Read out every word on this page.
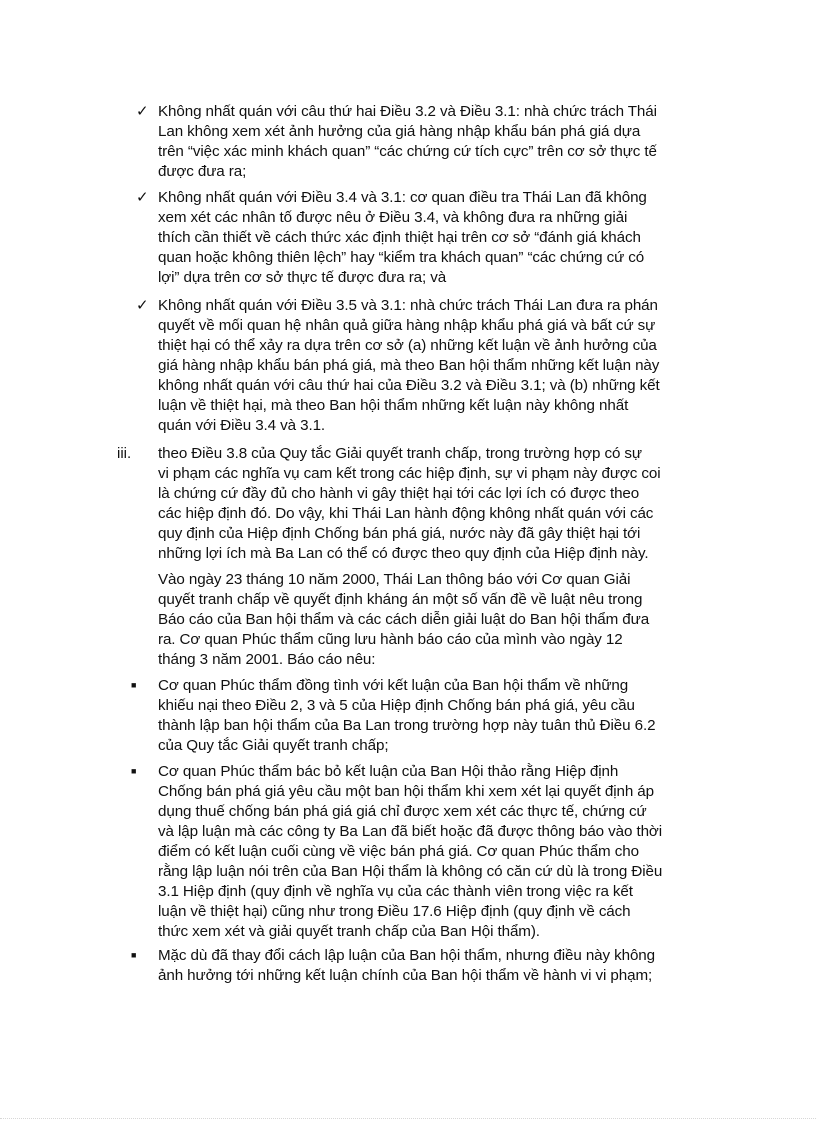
✓ Không nhất quán với câu thứ hai Điều 3.2 và Điều 3.1: nhà chức trách Thái
Lan không xem xét ảnh hưởng của giá hàng nhập khẩu bán phá giá dựa
trên “việc xác minh khách quan” “các chứng cứ tích cực” trên cơ sở thực tế
được đưa ra;
✓ Không nhất quán với Điều 3.4 và 3.1: cơ quan điều tra Thái Lan đã không
xem xét các nhân tố được nêu ở Điều 3.4, và không đưa ra những giải
thích cần thiết về cách thức xác định thiệt hại trên cơ sở “đánh giá khách
quan hoặc không thiên lệch” hay “kiểm tra khách quan” “các chứng cứ có
lợi” dựa trên cơ sở thực tế được đưa ra; và
✓ Không nhất quán với Điều 3.5 và 3.1: nhà chức trách Thái Lan đưa ra phán
quyết về mối quan hệ nhân quả giữa hàng nhập khẩu phá giá và bất cứ sự
thiệt hại có thể xảy ra dựa trên cơ sở (a) những kết luận về ảnh hưởng của
giá hàng nhập khẩu bán phá giá, mà theo Ban hội thẩm những kết luận này
không nhất quán với câu thứ hai của Điều 3.2 và Điều 3.1; và (b) những kết
luận về thiệt hại, mà theo Ban hội thẩm những kết luận này không nhất
quán với Điều 3.4 và 3.1.
iii. theo Điều 3.8 của Quy tắc Giải quyết tranh chấp, trong trường hợp có sự
vi phạm các nghĩa vụ cam kết trong các hiệp định, sự vi phạm này được coi
là chứng cứ đầy đủ cho hành vi gây thiệt hại tới các lợi ích có được theo
các hiệp định đó. Do vậy, khi Thái Lan hành động không nhất quán với các
quy định của Hiệp định Chống bán phá giá, nước này đã gây thiệt hại tới
những lợi ích mà Ba Lan có thể có được theo quy định của Hiệp định này.
Vào ngày 23 tháng 10 năm 2000, Thái Lan thông báo với Cơ quan Giải
quyết tranh chấp về quyết định kháng án một số vấn đề về luật nêu trong
Báo cáo của Ban hội thẩm và các cách diễn giải luật do Ban hội thẩm đưa
ra. Cơ quan Phúc thẩm cũng lưu hành báo cáo của mình vào ngày 12
tháng 3 năm 2001. Báo cáo nêu:
■ Cơ quan Phúc thẩm đồng tình với kết luận của Ban hội thẩm về những
khiếu nại theo Điều 2, 3 và 5 của Hiệp định Chống bán phá giá, yêu cầu
thành lập ban hội thẩm của Ba Lan trong trường hợp này tuân thủ Điều 6.2
của Quy tắc Giải quyết tranh chấp;
■ Cơ quan Phúc thẩm bác bỏ kết luận của Ban Hội thảo rằng Hiệp định
Chống bán phá giá yêu cầu một ban hội thẩm khi xem xét lại quyết định áp
dụng thuế chống bán phá giá giá chỉ được xem xét các thực tế, chứng cứ
và lập luận mà các công ty Ba Lan đã biết hoặc đã được thông báo vào thời
điểm có kết luận cuối cùng về việc bán phá giá. Cơ quan Phúc thẩm cho
rằng lập luận nói trên của Ban Hội thẩm là không có căn cứ dù là trong Điều
3.1 Hiệp định (quy định về nghĩa vụ của các thành viên trong việc ra kết
luận về thiệt hại) cũng như trong Điều 17.6 Hiệp định (quy định về cách
thức xem xét và giải quyết tranh chấp của Ban Hội thẩm).
■ Mặc dù đã thay đổi cách lập luận của Ban hội thẩm, nhưng điều này không
ảnh hưởng tới những kết luận chính của Ban hội thẩm về hành vi vi phạm;
